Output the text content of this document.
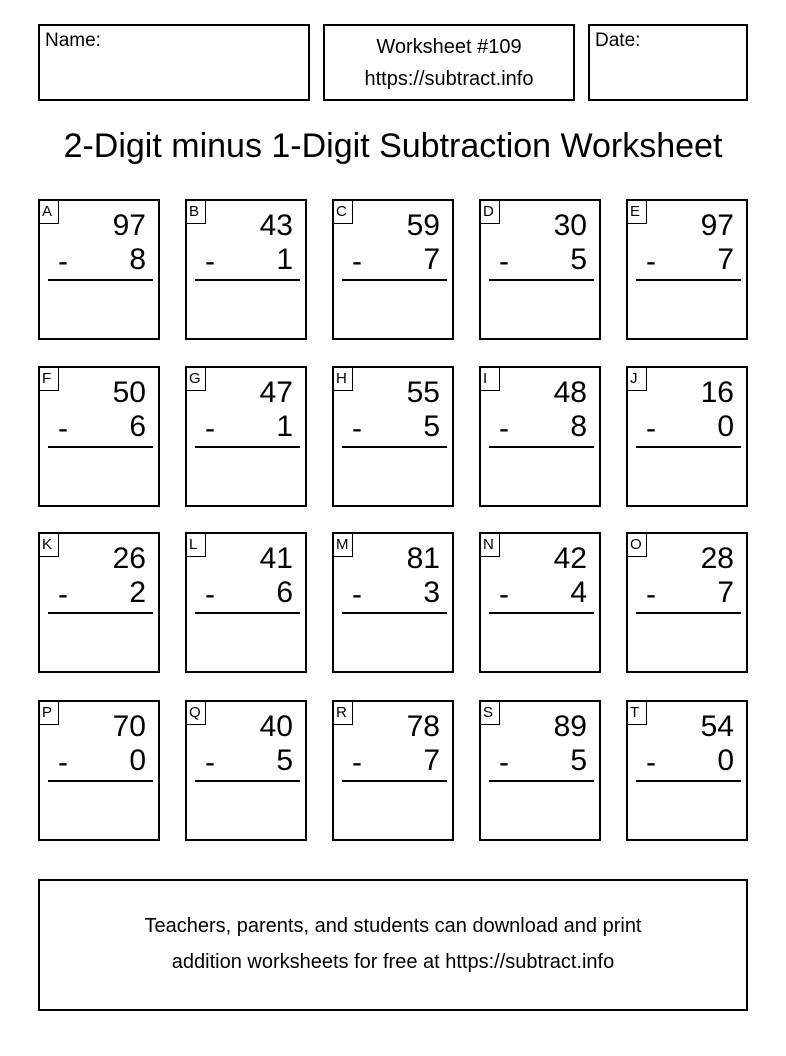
Name:	Worksheet #109
https://subtract.info
Date:
2-Digit minus 1-Digit Subtraction Worksheet
A 97
- 8
B 43
- 1
C 59
- 7
D 30
- 5
E 97
- 7
F 50
- 6
G 47
- 1
H 55
- 5
I	48
- 8
J	16
- 0
K 26
- 2
L 41
- 6
M 81
- 3
N 42
- 4
O 28
- 7
P 70
- 0
Q 40
- 5
R 78
- 7
S 89
- 5
T 54
- 0
Teachers, parents, and students can download and print
addition worksheets for free at https://subtract.info
